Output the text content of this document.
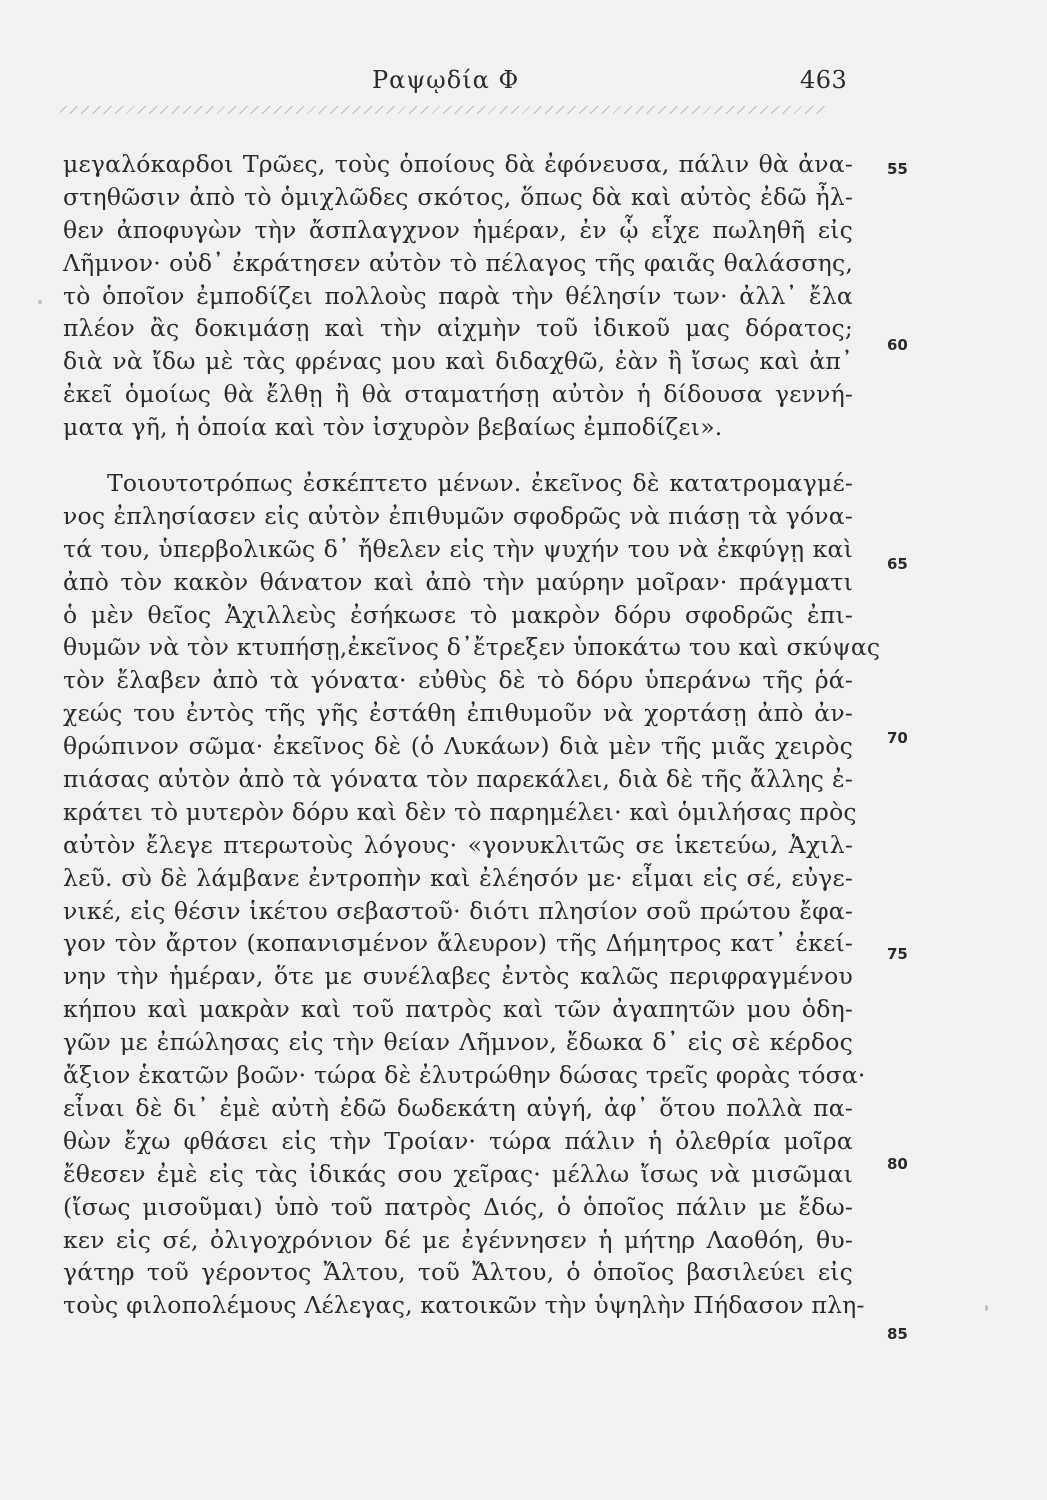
Ραψῳδία Φ	463
μεγαλόκαρδοι Τρῶες, τοὺς ὁποίους δὰ ἐφόνευσα, πάλιν θὰ ἀνα-
στηθῶσιν ἀπὸ τὸ ὁμιχλῶδες σκότος, ὅπως δὰ καὶ αὐτὸς ἐδῶ ἦλ-
θεν ἀποφυγὼν τὴν ἄσπλαγχνον ἡμέραν, ἐν ᾧ εἶχε πωληθῆ εἰς
Λῆμνον· οὐδ᾽ ἐκράτησεν αὐτὸν τὸ πέλαγος τῆς φαιᾶς θαλάσσης,
τὸ ὁποῖον ἐμποδίζει πολλοὺς παρὰ τὴν θέλησίν των· ἀλλ᾽ ἔλα
πλέον ἂς δοκιμάσῃ καὶ τὴν αἰχμὴν τοῦ ἰδικοῦ μας δόρατος;
διὰ νὰ ἴδω μὲ τὰς φρένας μου καὶ διδαχθῶ, ἐὰν ἢ ἴσως καὶ ἀπ᾽
ἐκεῖ ὁμοίως θὰ ἔλθῃ ἢ θὰ σταματήσῃ αὐτὸν ἡ δίδουσα γεννή-
ματα γῆ, ἡ ὁποία καὶ τὸν ἰσχυρὸν βεβαίως ἐμποδίζει».
Τοιουτοτρόπως ἐσκέπτετο μένων. ἐκεῖνος δὲ κατατρομαγμέ-
νος ἐπλησίασεν εἰς αὐτὸν ἐπιθυμῶν σφοδρῶς νὰ πιάσῃ τὰ γόνα-
τά του, ὑπερβολικῶς δ᾽ ἤθελεν εἰς τὴν ψυχήν του νὰ ἐκφύγῃ καὶ
ἀπὸ τὸν κακὸν θάνατον καὶ ἀπὸ τὴν μαύρην μοῖραν· πράγματι
ὁ μὲν θεῖος Ἀχιλλεὺς ἐσήκωσε τὸ μακρὸν δόρυ σφοδρῶς ἐπι-
θυμῶν νὰ τὸν κτυπήσῃ,ἐκεῖνος δ᾽ἔτρεξεν ὑποκάτω του καὶ σκύψας
τὸν ἔλαβεν ἀπὸ τὰ γόνατα· εὐθὺς δὲ τὸ δόρυ ὑπεράνω τῆς ῥά-
χεώς του ἐντὸς τῆς γῆς ἐστάθη ἐπιθυμοῦν νὰ χορτάσῃ ἀπὸ ἀν-
θρώπινον σῶμα· ἐκεῖνος δὲ (ὁ Λυκάων) διὰ μὲν τῆς μιᾶς χειρὸς
πιάσας αὐτὸν ἀπὸ τὰ γόνατα τὸν παρεκάλει, διὰ δὲ τῆς ἄλλης ἐ-
κράτει τὸ μυτερὸν δόρυ καὶ δὲν τὸ παρημέλει· καὶ ὁμιλήσας πρὸς
αὐτὸν ἔλεγε πτερωτοὺς λόγους· «γονυκλιτῶς σε ἱκετεύω, Ἀχιλ-
λεῦ. σὺ δὲ λάμβανε ἐντροπὴν καὶ ἐλέησόν με· εἶμαι εἰς σέ, εὐγε-
νικέ, εἰς θέσιν ἱκέτου σεβαστοῦ· διότι πλησίον σοῦ πρώτου ἔφα-
γον τὸν ἄρτον (κοπανισμένον ἄλευρον) τῆς Δήμητρος κατ᾽ ἐκεί-
νην τὴν ἡμέραν, ὅτε με συνέλαβες ἐντὸς καλῶς περιφραγμένου
κήπου καὶ μακρὰν καὶ τοῦ πατρὸς καὶ τῶν ἀγαπητῶν μου ὁδη-
γῶν με ἐπώλησας εἰς τὴν θείαν Λῆμνον, ἔδωκα δ᾽ εἰς σὲ κέρδος
ἄξιον ἑκατῶν βοῶν· τώρα δὲ ἐλυτρώθην δώσας τρεῖς φορὰς τόσα·
εἶναι δὲ δι᾽ ἐμὲ αὐτὴ ἐδῶ δωδεκάτη αὐγή, ἀφ᾽ ὅτου πολλὰ πα-
θὼν ἔχω φθάσει εἰς τὴν Τροίαν· τώρα πάλιν ἡ ὀλεθρία μοῖρα
ἔθεσεν ἐμὲ εἰς τὰς ἰδικάς σου χεῖρας· μέλλω ἴσως νὰ μισῶμαι
(ἴσως μισοῦμαι) ὑπὸ τοῦ πατρὸς Διός, ὁ ὁποῖος πάλιν με ἔδω-
κεν εἰς σέ, ὀλιγοχρόνιον δέ με ἐγέννησεν ἡ μήτηρ Λαοθόη, θυ-
γάτηρ τοῦ γέροντος Ἄλτου, τοῦ Ἄλτου, ὁ ὁποῖος βασιλεύει εἰς
τοὺς φιλοπολέμους Λέλεγας, κατοικῶν τὴν ὑψηλὴν Πήδασον πλη-
55
60
65
70
75
80
85
